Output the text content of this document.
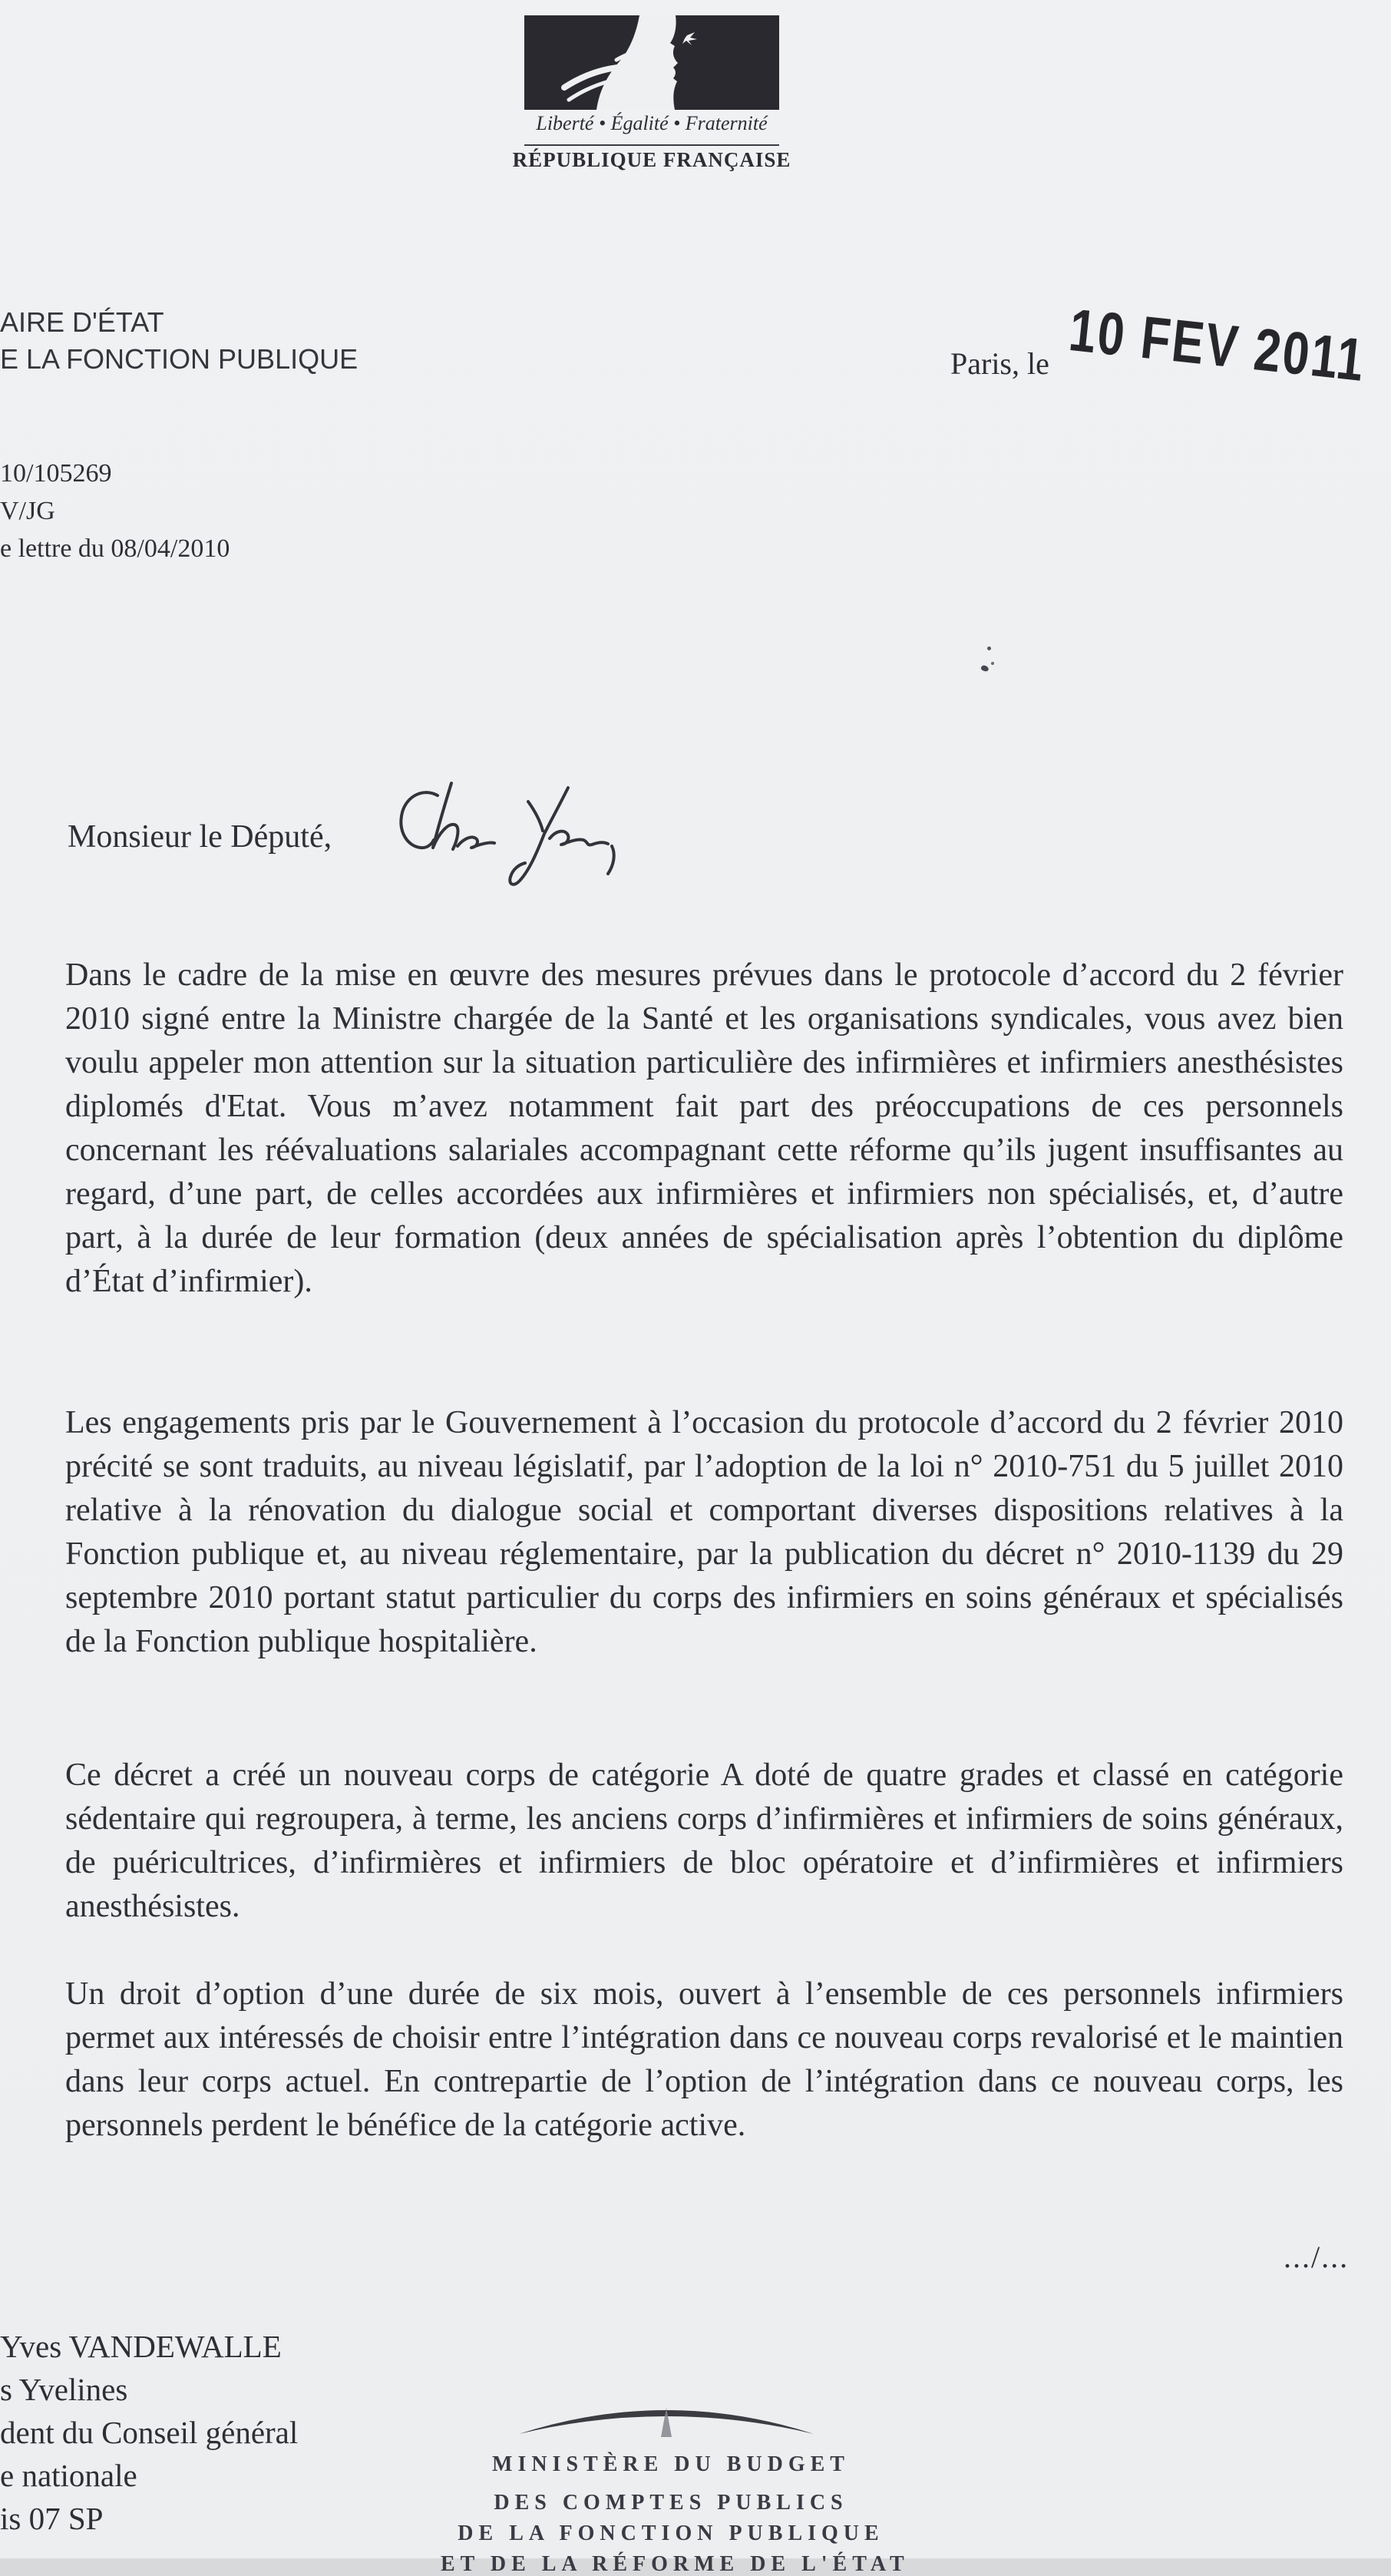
Liberté • Égalité • Fraternité
RÉPUBLIQUE FRANÇAISE
AIRE D'ÉTAT
E LA FONCTION PUBLIQUE	Paris, le 10 FEV 2011
10/105269
V/JG
e lettre du 08/04/2010
Monsieur le Député,
Dans le cadre de la mise en œuvre des mesures prévues dans le protocole d’accord du 2 février 2010 signé entre la Ministre chargée de la Santé et les organisations syndicales, vous avez bien voulu appeler mon attention sur la situation particulière des infirmières et infirmiers anesthésistes diplomés d'Etat. Vous m’avez notamment fait part des préoccupations de ces personnels concernant les réévaluations salariales accompagnant cette réforme qu’ils jugent insuffisantes au regard, d’une part, de celles accordées aux infirmières et infirmiers non spécialisés, et, d’autre part, à la durée de leur formation (deux années de spécialisation après l’obtention du diplôme d’État d’infirmier).
Les engagements pris par le Gouvernement à l’occasion du protocole d’accord du 2 février 2010 précité se sont traduits, au niveau législatif, par l’adoption de la loi n° 2010-751 du 5 juillet 2010 relative à la rénovation du dialogue social et comportant diverses dispositions relatives à la Fonction publique et, au niveau réglementaire, par la publication du décret n° 2010-1139 du 29 septembre 2010 portant statut particulier du corps des infirmiers en soins généraux et spécialisés de la Fonction publique hospitalière.
Ce décret a créé un nouveau corps de catégorie A doté de quatre grades et classé en catégorie sédentaire qui regroupera, à terme, les anciens corps d’infirmières et infirmiers de soins généraux, de puéricultrices, d’infirmières et infirmiers de bloc opératoire et d’infirmières et infirmiers anesthésistes.
Un droit d’option d’une durée de six mois, ouvert à l’ensemble de ces personnels infirmiers permet aux intéressés de choisir entre l’intégration dans ce nouveau corps revalorisé et le maintien dans leur corps actuel. En contrepartie de l’option de l’intégration dans ce nouveau corps, les personnels perdent le bénéfice de la catégorie active.
.../...
Yves VANDEWALLE
s Yvelines
dent du Conseil général
e nationale
is 07 SP
MINISTÈRE DU BUDGET
DES COMPTES PUBLICS
DE LA FONCTION PUBLIQUE
ET DE LA RÉFORME DE L'ÉTAT
